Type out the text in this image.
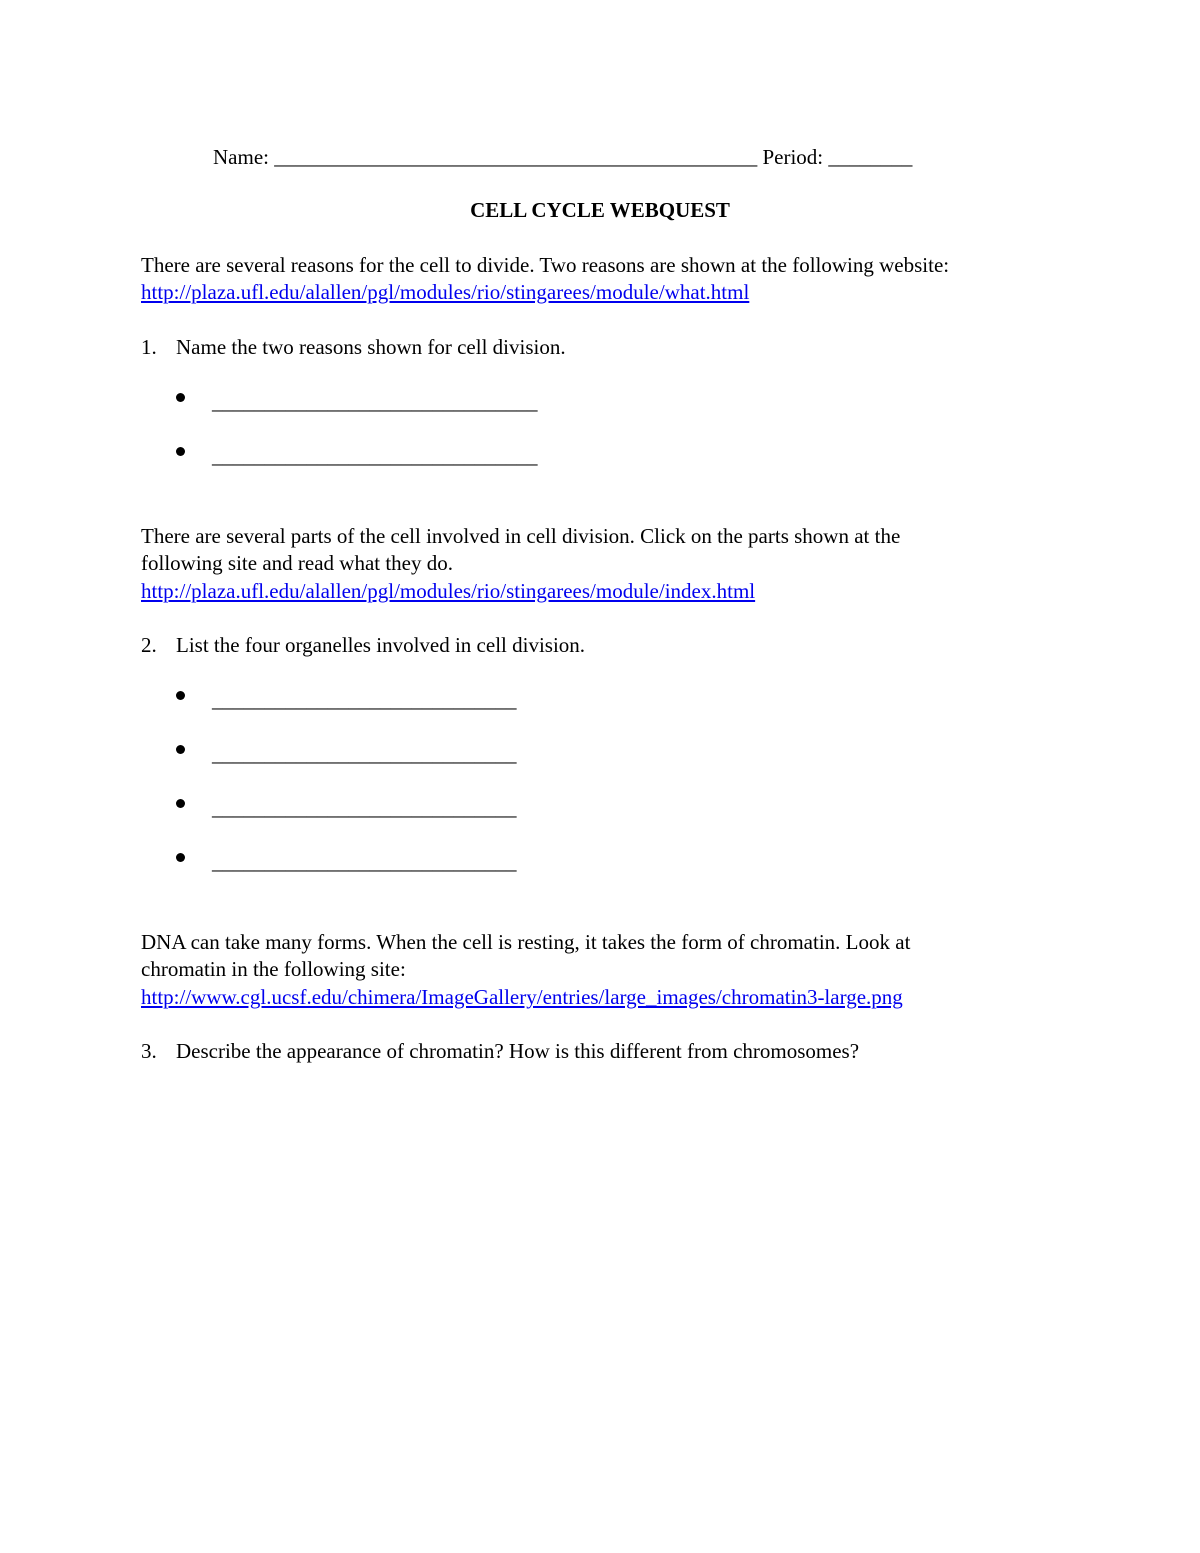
Name: ______________________________________________ Period: ________
CELL CYCLE WEBQUEST
There are several reasons for the cell to divide. Two reasons are shown at the following website:
http://plaza.ufl.edu/alallen/pgl/modules/rio/stingarees/module/what.html
1. Name the two reasons shown for cell division.
_______________________________
_______________________________
There are several parts of the cell involved in cell division. Click on the parts shown at the
following site and read what they do.
http://plaza.ufl.edu/alallen/pgl/modules/rio/stingarees/module/index.html
2. List the four organelles involved in cell division.
_____________________________
_____________________________
_____________________________
_____________________________
DNA can take many forms. When the cell is resting, it takes the form of chromatin. Look at
chromatin in the following site:
http://www.cgl.ucsf.edu/chimera/ImageGallery/entries/large_images/chromatin3-large.png
3. Describe the appearance of chromatin? How is this different from chromosomes?
